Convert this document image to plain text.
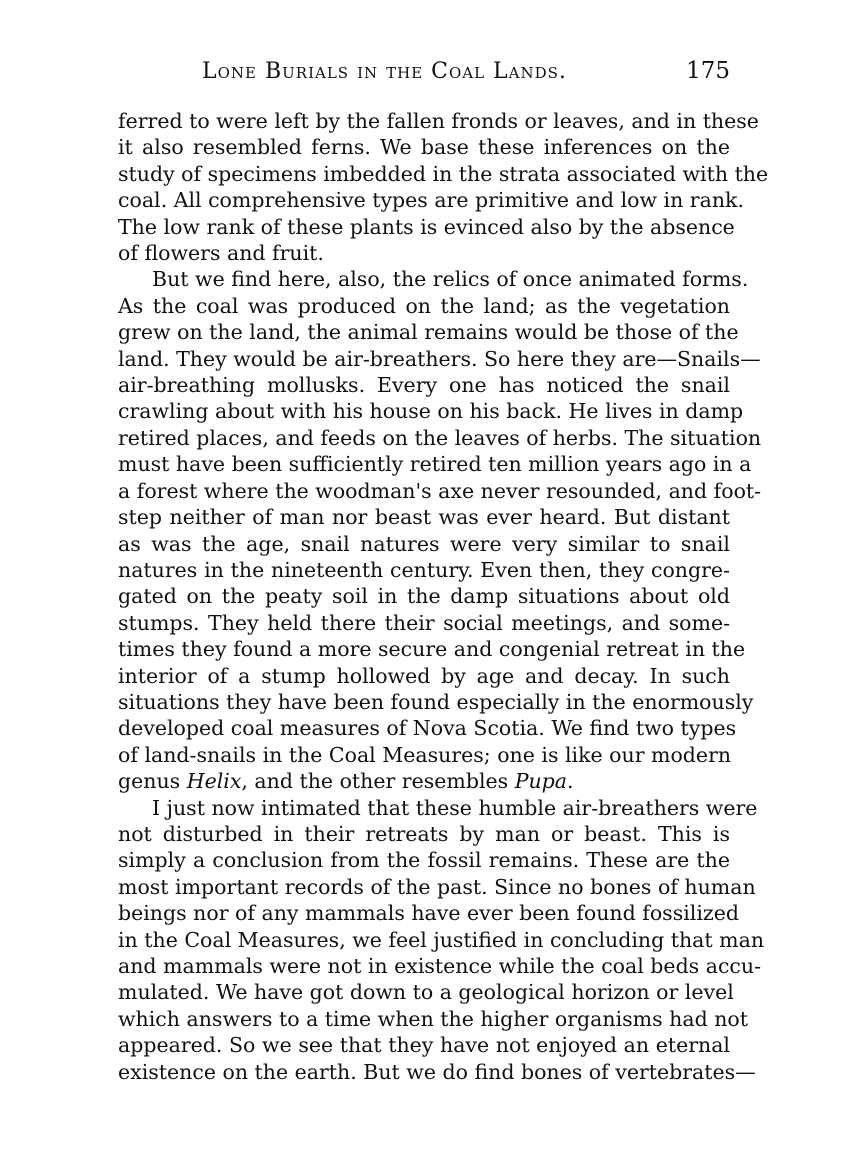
Lone Burials in the Coal Lands.	175

ferred to were left by the fallen fronds or leaves, and in these
it also resembled ferns. We base these inferences on the
study of specimens imbedded in the strata associated with the
coal. All comprehensive types are primitive and low in rank.
The low rank of these plants is evinced also by the absence
of flowers and fruit.

But we find here, also, the relics of once animated forms.
As the coal was produced on the land; as the vegetation
grew on the land, the animal remains would be those of the
land. They would be air-breathers. So here they are—Snails—
air-breathing mollusks. Every one has noticed the snail
crawling about with his house on his back. He lives in damp
retired places, and feeds on the leaves of herbs. The situation
must have been sufficiently retired ten million years ago in a
a forest where the woodman's axe never resounded, and foot-
step neither of man nor beast was ever heard. But distant
as was the age, snail natures were very similar to snail
natures in the nineteenth century. Even then, they congre-
gated on the peaty soil in the damp situations about old
stumps. They held there their social meetings, and some-
times they found a more secure and congenial retreat in the
interior of a stump hollowed by age and decay. In such
situations they have been found especially in the enormously
developed coal measures of Nova Scotia. We find two types
of land-snails in the Coal Measures; one is like our modern
genus Helix, and the other resembles Pupa.

I just now intimated that these humble air-breathers were
not disturbed in their retreats by man or beast. This is
simply a conclusion from the fossil remains. These are the
most important records of the past. Since no bones of human
beings nor of any mammals have ever been found fossilized
in the Coal Measures, we feel justified in concluding that man
and mammals were not in existence while the coal beds accu-
mulated. We have got down to a geological horizon or level
which answers to a time when the higher organisms had not
appeared. So we see that they have not enjoyed an eternal
existence on the earth. But we do find bones of vertebrates—
